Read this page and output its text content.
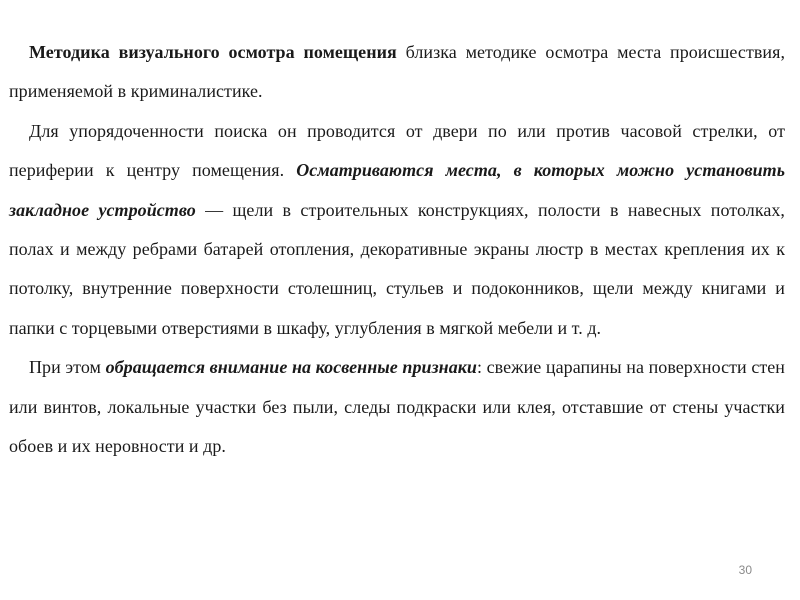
Методика визуального осмотра помещения близка методике осмотра места происшествия, применяемой в криминалистике.

Для упорядоченности поиска он проводится от двери по или против часовой стрелки, от периферии к центру помещения. Осматриваются места, в которых можно установить закладное устройство — щели в строительных конструкциях, полости в навесных потолках, полах и между ребрами батарей отопления, декоративные экраны люстр в местах крепления их к потолку, внутренние поверхности столешниц, стульев и подоконников, щели между книгами и папки с торцевыми отверстиями в шкафу, углубления в мягкой мебели и т. д.

При этом обращается внимание на косвенные признаки: свежие царапины на поверхности стен или винтов, локальные участки без пыли, следы подкраски или клея, отставшие от стены участки обоев и их неровности и др.

30
